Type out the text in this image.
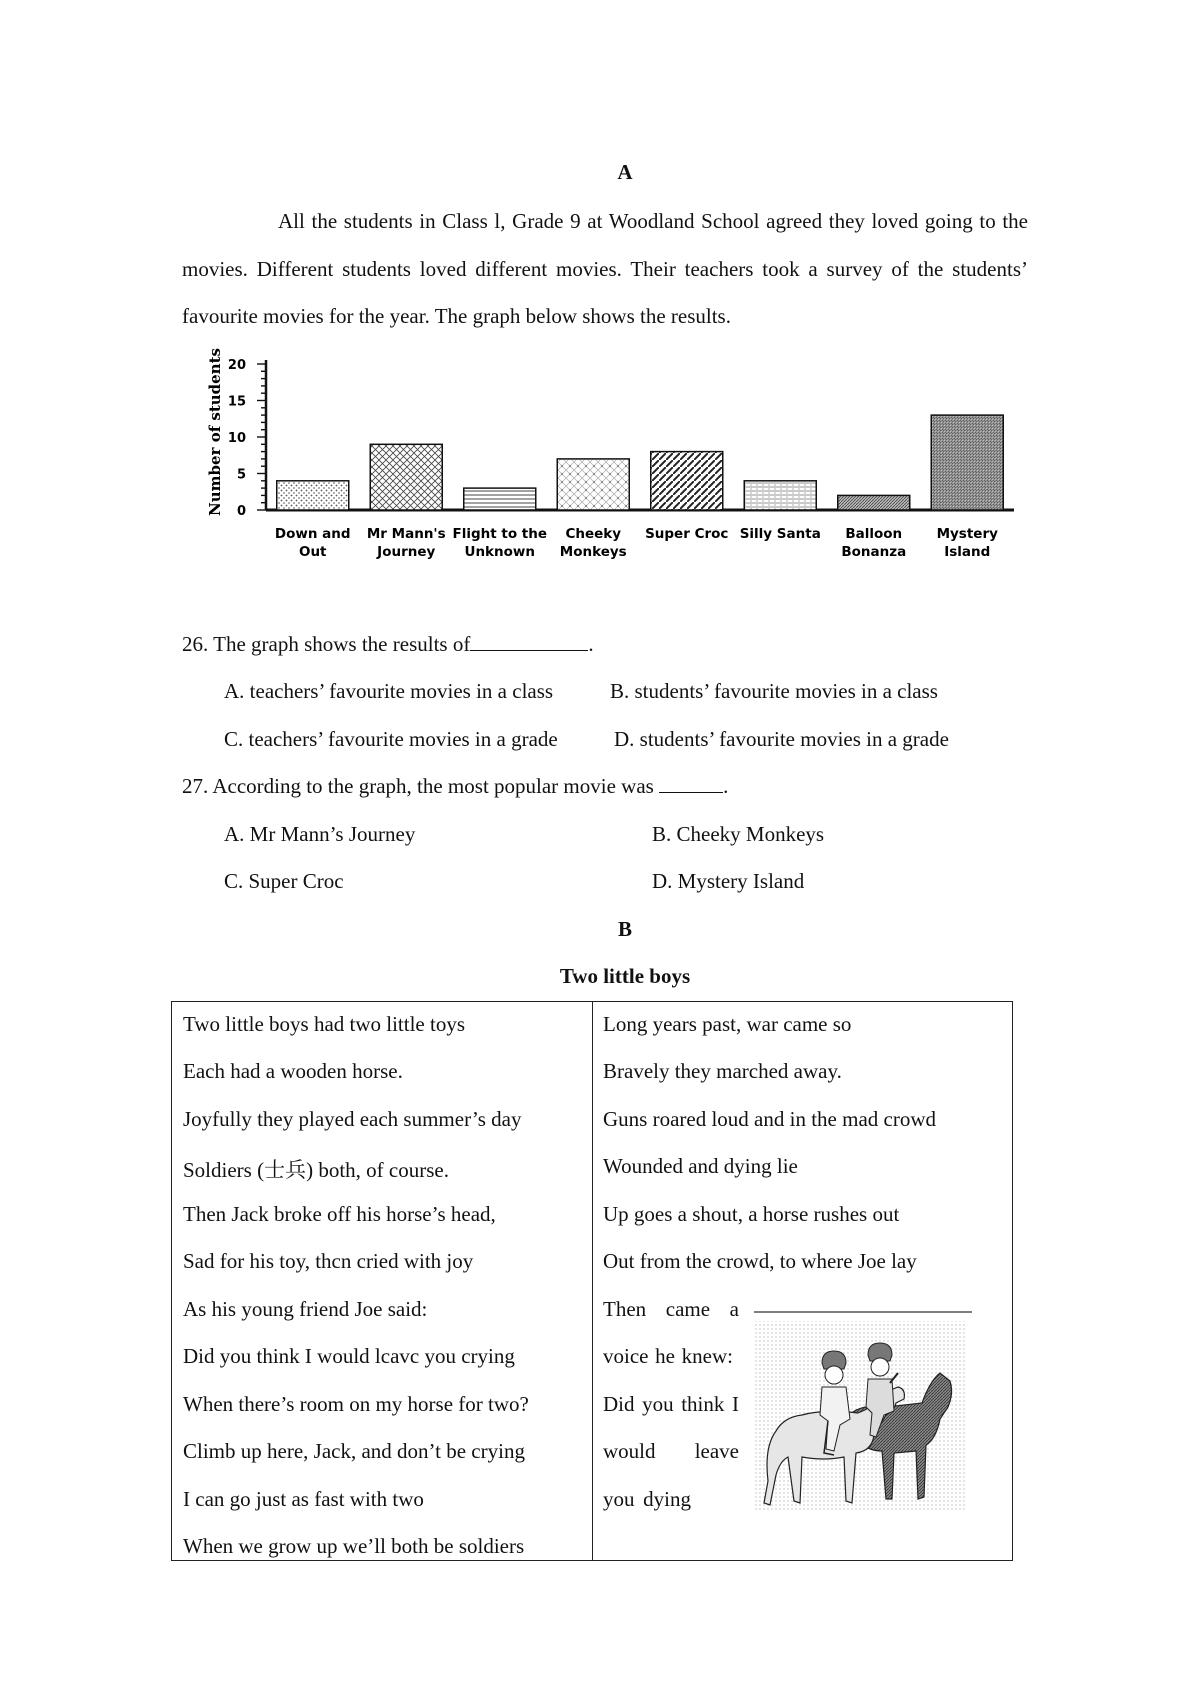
A

All the students in Class l, Grade 9 at Woodland School agreed they loved going to the movies. Different students loved different movies. Their teachers took a survey of the students’ favourite movies for the year. The graph below shows the results.

Number of students 0
5
10
15
20
Down and
Out
Mr Mann's
Journey
Flight to the
Unknown
Cheeky
Monkeys
Super Croc Silly Santa Balloon
Bonanza
Mystery
Island
26. The graph shows the results of	.
A. teachers’ favourite movies in a class	B. students’ favourite movies in a class
C. teachers’ favourite movies in a grade	D. students’ favourite movies in a grade
27. According to the graph, the most popular movie was	.
A. Mr Mann’s Journey	B. Cheeky Monkeys
C. Super Croc	D. Mystery Island
B
Two little boys
Two little boys had two little toys
Each had a wooden horse.
Joyfully they played each summer’s day
Soldiers (士兵) both, of course.
Then Jack broke off his horse’s head,
Sad for his toy, thcn cried with joy
As his young friend Joe said:
Did you think I would lcavc you crying
When there’s room on my horse for two?
Climb up here, Jack, and don’t be crying
I can go just as fast with two
When we grow up we’ll both be soldiers
Long years past, war came so
Bravely they marched away.
Guns roared loud and in the mad crowd
Wounded and dying lie
Up goes a shout, a horse rushes out
Out from the crowd, to where Joe lay
Then came a
voice he knew:
Did you think I
would leave
you dying
